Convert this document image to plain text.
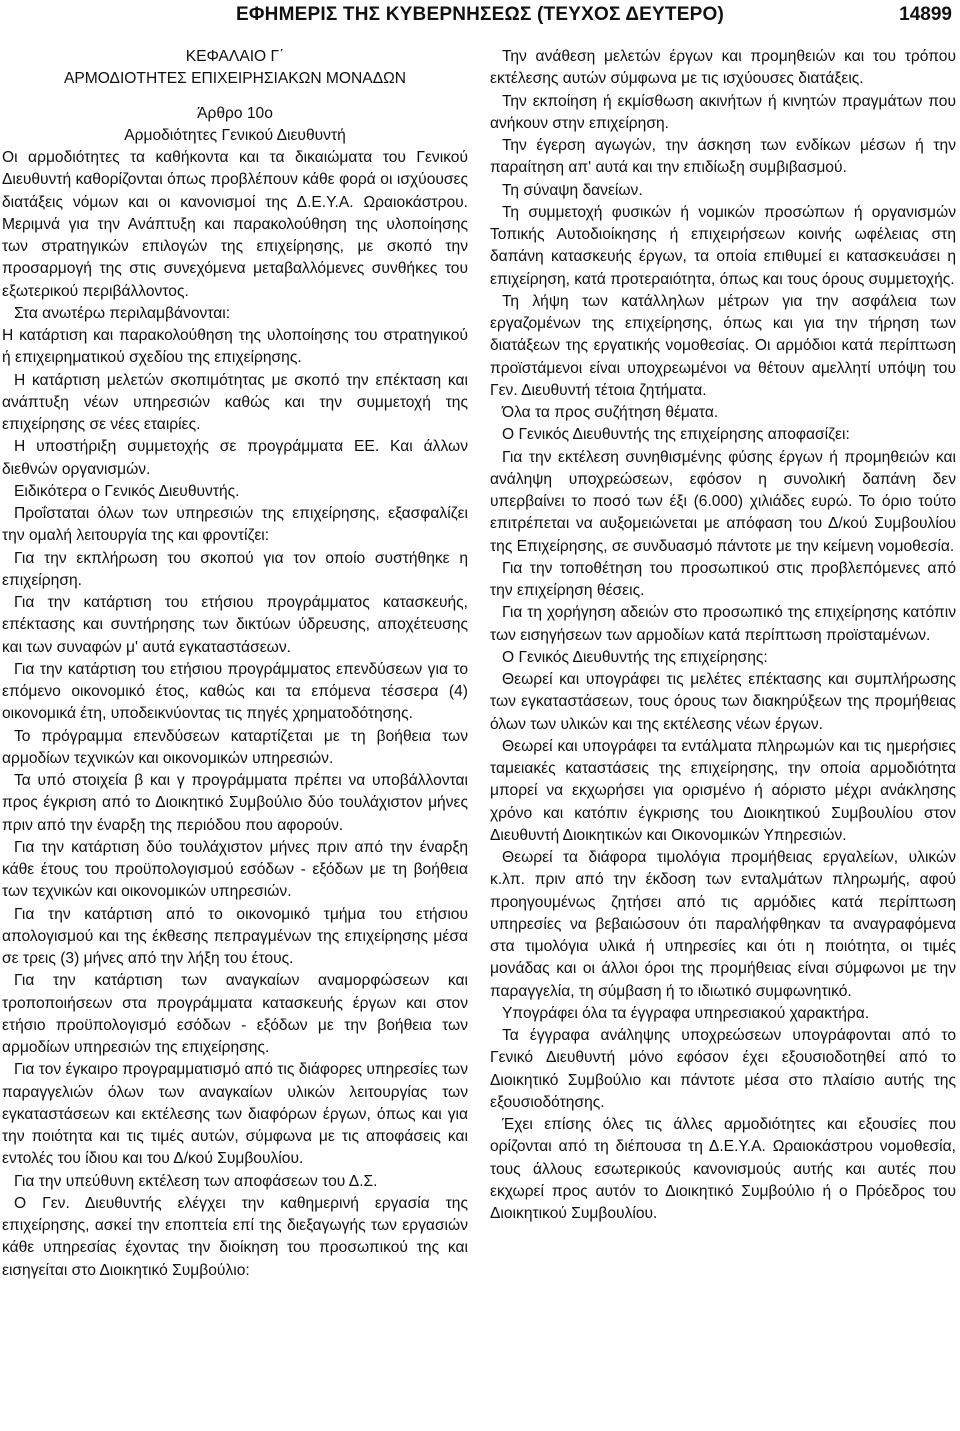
ΕΦΗΜΕΡΙΣ ΤΗΣ ΚΥΒΕΡΝΗΣΕΩΣ (ΤΕΥΧΟΣ ΔΕΥΤΕΡΟ)	14899

ΚΕΦΑΛΑΙΟ Γ΄

ΑΡΜΟΔΙΟΤΗΤΕΣ ΕΠΙΧΕΙΡΗΣΙΑΚΩΝ ΜΟΝΑΔΩΝ

Άρθρο 10ο

Αρμοδιότητες Γενικού Διευθυντή

Οι αρμοδιότητες τα καθήκοντα και τα δικαιώματα του Γενικού Διευθυντή καθορίζονται όπως προβλέπουν κάθε φορά οι ισχύουσες διατάξεις νόμων και οι κανονισμοί της Δ.Ε.Υ.Α. Ωραιοκάστρου. Μεριμνά για την Ανάπτυξη και παρακολούθηση της υλοποίησης των στρατηγικών επιλογών της επιχείρησης, με σκοπό την προσαρμογή της στις συνεχόμενα μεταβαλλόμενες συνθήκες του εξωτερικού περιβάλλοντος.

Στα ανωτέρω περιλαμβάνονται:

Η κατάρτιση και παρακολούθηση της υλοποίησης του στρατηγικού ή επιχειρηματικού σχεδίου της επιχείρησης.

Η κατάρτιση μελετών σκοπιμότητας με σκοπό την επέκταση και ανάπτυξη νέων υπηρεσιών καθώς και την συμμετοχή της επιχείρησης σε νέες εταιρίες.

Η υποστήριξη συμμετοχής σε προγράμματα ΕΕ. Και άλλων διεθνών οργανισμών.

Ειδικότερα ο Γενικός Διευθυντής.

Προΐσταται όλων των υπηρεσιών της επιχείρησης, εξασφαλίζει την ομαλή λειτουργία της και φροντίζει:

Για την εκπλήρωση του σκοπού για τον οποίο συστήθηκε η επιχείρηση.

Για την κατάρτιση του ετήσιου προγράμματος κατασκευής, επέκτασης και συντήρησης των δικτύων ύδρευσης, αποχέτευσης και των συναφών μ' αυτά εγκαταστάσεων.

Για την κατάρτιση του ετήσιου προγράμματος επενδύσεων για το επόμενο οικονομικό έτος, καθώς και τα επόμενα τέσσερα (4) οικονομικά έτη, υποδεικνύοντας τις πηγές χρηματοδότησης.

Το πρόγραμμα επενδύσεων καταρτίζεται με τη βοήθεια των αρμοδίων τεχνικών και οικονομικών υπηρεσιών.

Τα υπό στοιχεία β και γ προγράμματα πρέπει να υποβάλλονται προς έγκριση από το Διοικητικό Συμβούλιο δύο τουλάχιστον μήνες πριν από την έναρξη της περιόδου που αφορούν.

Για την κατάρτιση δύο τουλάχιστον μήνες πριν από την έναρξη κάθε έτους του προϋπολογισμού εσόδων - εξόδων με τη βοήθεια των τεχνικών και οικονομικών υπηρεσιών.

Για την κατάρτιση από το οικονομικό τμήμα του ετήσιου απολογισμού και της έκθεσης πεπραγμένων της επιχείρησης μέσα σε τρεις (3) μήνες από την λήξη του έτους.

Για την κατάρτιση των αναγκαίων αναμορφώσεων και τροποποιήσεων στα προγράμματα κατασκευής έργων και στον ετήσιο προϋπολογισμό εσόδων - εξόδων με την βοήθεια των αρμοδίων υπηρεσιών της επιχείρησης.

Για τον έγκαιρο προγραμματισμό από τις διάφορες υπηρεσίες των παραγγελιών όλων των αναγκαίων υλικών λειτουργίας των εγκαταστάσεων και εκτέλεσης των διαφόρων έργων, όπως και για την ποιότητα και τις τιμές αυτών, σύμφωνα με τις αποφάσεις και εντολές του ίδιου και του Δ/κού Συμβουλίου.

Για την υπεύθυνη εκτέλεση των αποφάσεων του Δ.Σ.

Ο Γεν. Διευθυντής ελέγχει την καθημερινή εργασία της επιχείρησης, ασκεί την εποπτεία επί της διεξαγωγής των εργασιών κάθε υπηρεσίας έχοντας την διοίκηση του προσωπικού της και εισηγείται στο Διοικητικό Συμβούλιο:

Την ανάθεση μελετών έργων και προμηθειών και του τρόπου εκτέλεσης αυτών σύμφωνα με τις ισχύουσες διατάξεις.

Την εκποίηση ή εκμίσθωση ακινήτων ή κινητών πραγμάτων που ανήκουν στην επιχείρηση.

Την έγερση αγωγών, την άσκηση των ενδίκων μέσων ή την παραίτηση απ' αυτά και την επιδίωξη συμβιβασμού.

Τη σύναψη δανείων.

Τη συμμετοχή φυσικών ή νομικών προσώπων ή οργανισμών Τοπικής Αυτοδιοίκησης ή επιχειρήσεων κοινής ωφέλειας στη δαπάνη κατασκευής έργων, τα οποία επιθυμεί ει κατασκευάσει η επιχείρηση, κατά προτεραιότητα, όπως και τους όρους συμμετοχής.

Τη λήψη των κατάλληλων μέτρων για την ασφάλεια των εργαζομένων της επιχείρησης, όπως και για την τήρηση των διατάξεων της εργατικής νομοθεσίας. Οι αρμόδιοι κατά περίπτωση προϊστάμενοι είναι υποχρεωμένοι να θέτουν αμελλητί υπόψη του Γεν. Διευθυντή τέτοια ζητήματα.

Όλα τα προς συζήτηση θέματα.

Ο Γενικός Διευθυντής της επιχείρησης αποφασίζει:

Για την εκτέλεση συνηθισμένης φύσης έργων ή προμηθειών και ανάληψη υποχρεώσεων, εφόσον η συνολική δαπάνη δεν υπερβαίνει το ποσό των έξι (6.000) χιλιάδες ευρώ. Το όριο τούτο επιτρέπεται να αυξομειώνεται με απόφαση του Δ/κού Συμβουλίου της Επιχείρησης, σε συνδυασμό πάντοτε με την κείμενη νομοθεσία.

Για την τοποθέτηση του προσωπικού στις προβλεπόμενες από την επιχείρηση θέσεις.

Για τη χορήγηση αδειών στο προσωπικό της επιχείρησης κατόπιν των εισηγήσεων των αρμοδίων κατά περίπτωση προϊσταμένων.

Ο Γενικός Διευθυντής της επιχείρησης:

Θεωρεί και υπογράφει τις μελέτες επέκτασης και συμπλήρωσης των εγκαταστάσεων, τους όρους των διακηρύξεων της προμήθειας όλων των υλικών και της εκτέλεσης νέων έργων.

Θεωρεί και υπογράφει τα εντάλματα πληρωμών και τις ημερήσιες ταμειακές καταστάσεις της επιχείρησης, την οποία αρμοδιότητα μπορεί να εκχωρήσει για ορισμένο ή αόριστο μέχρι ανάκλησης χρόνο και κατόπιν έγκρισης του Διοικητικού Συμβουλίου στον Διευθυντή Διοικητικών και Οικονομικών Υπηρεσιών.

Θεωρεί τα διάφορα τιμολόγια προμήθειας εργαλείων, υλικών κ.λπ. πριν από την έκδοση των ενταλμάτων πληρωμής, αφού προηγουμένως ζητήσει από τις αρμόδιες κατά περίπτωση υπηρεσίες να βεβαιώσουν ότι παραλήφθηκαν τα αναγραφόμενα στα τιμολόγια υλικά ή υπηρεσίες και ότι η ποιότητα, οι τιμές μονάδας και οι άλλοι όροι της προμήθειας είναι σύμφωνοι με την παραγγελία, τη σύμβαση ή το ιδιωτικό συμφωνητικό.

Υπογράφει όλα τα έγγραφα υπηρεσιακού χαρακτήρα.

Τα έγγραφα ανάληψης υποχρεώσεων υπογράφονται από το Γενικό Διευθυντή μόνο εφόσον έχει εξουσιοδοτηθεί από το Διοικητικό Συμβούλιο και πάντοτε μέσα στο πλαίσιο αυτής της εξουσιοδότησης.

Έχει επίσης όλες τις άλλες αρμοδιότητες και εξουσίες που ορίζονται από τη διέπουσα τη Δ.Ε.Υ.Α. Ωραιοκάστρου νομοθεσία, τους άλλους εσωτερικούς κανονισμούς αυτής και αυτές που εκχωρεί προς αυτόν το Διοικητικό Συμβούλιο ή ο Πρόεδρος του Διοικητικού Συμβουλίου.
